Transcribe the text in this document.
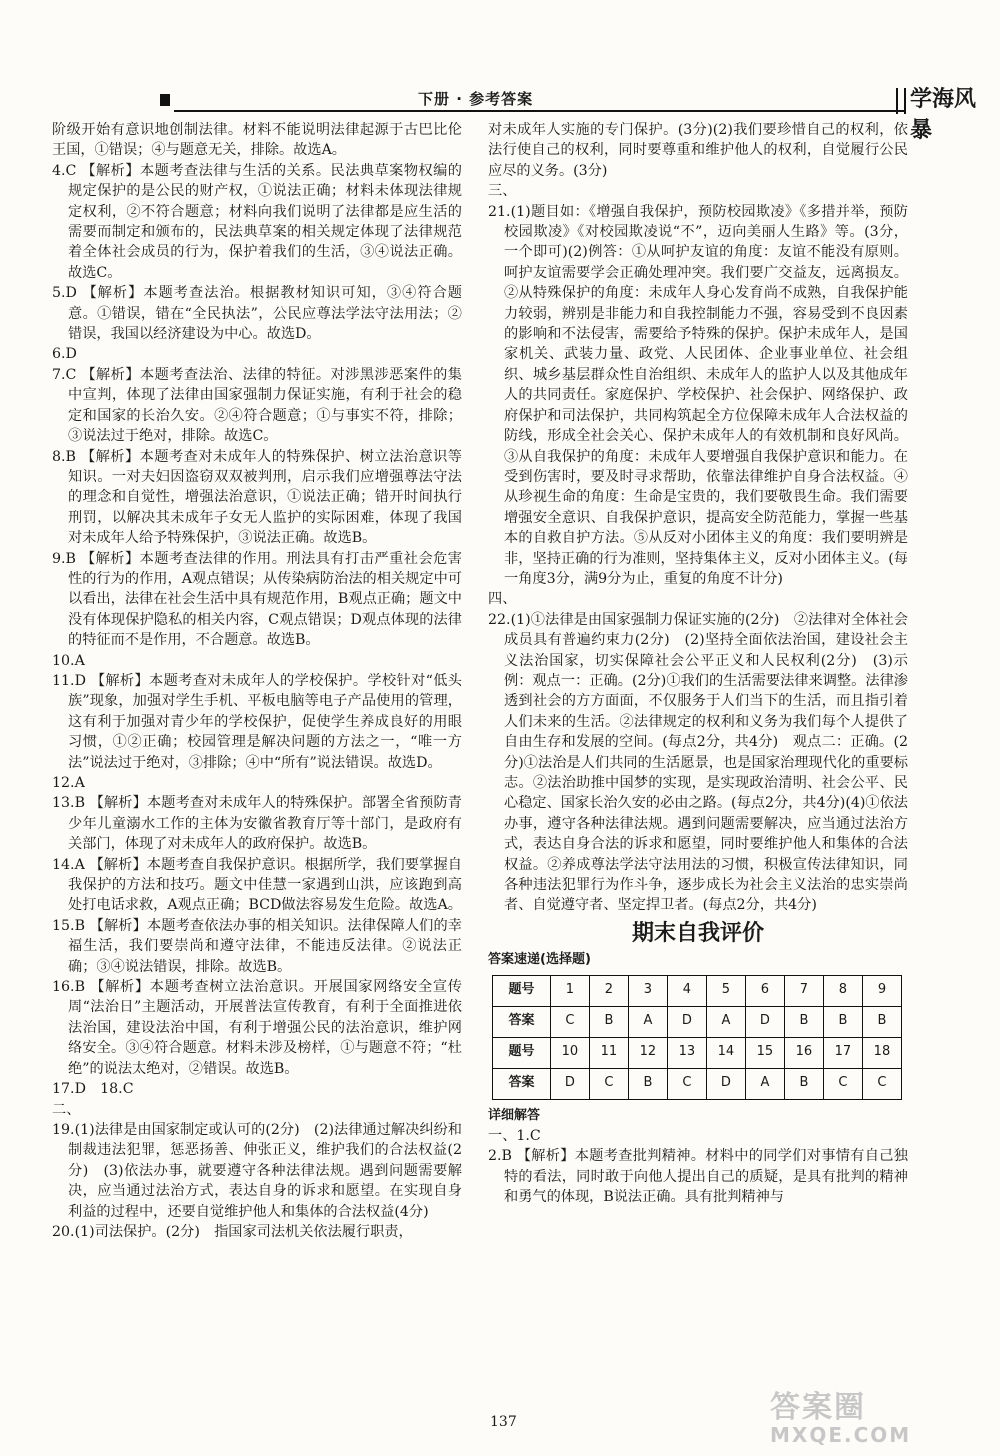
下册 · 参考答案	学海风暴

阶级开始有意识地创制法律。材料不能说明法律起源于古巴比伦王国，①错误；④与题意无关，排除。故选A。

4.C 【解析】本题考查法律与生活的关系。民法典草案物权编的规定保护的是公民的财产权，①说法正确；材料未体现法律规定权利，②不符合题意；材料向我们说明了法律都是应生活的需要而制定和颁布的，民法典草案的相关规定体现了法律规范着全体社会成员的行为，保护着我们的生活，③④说法正确。故选C。

5.D 【解析】本题考查法治。根据教材知识可知，③④符合题意。①错误，错在“全民执法”，公民应尊法学法守法用法；②错误，我国以经济建设为中心。故选D。

6.D

7.C 【解析】本题考查法治、法律的特征。对涉黑涉恶案件的集中宣判，体现了法律由国家强制力保证实施，有利于社会的稳定和国家的长治久安。②④符合题意；①与事实不符，排除；③说法过于绝对，排除。故选C。

8.B 【解析】本题考查对未成年人的特殊保护、树立法治意识等知识。一对夫妇因盗窃双双被判刑，启示我们应增强尊法守法的理念和自觉性，增强法治意识，①说法正确；错开时间执行刑罚，以解决其未成年子女无人监护的实际困难，体现了我国对未成年人给予特殊保护，③说法正确。故选B。

9.B 【解析】本题考查法律的作用。刑法具有打击严重社会危害性的行为的作用，A观点错误；从传染病防治法的相关规定中可以看出，法律在社会生活中具有规范作用，B观点正确；题文中没有体现保护隐私的相关内容，C观点错误；D观点体现的法律的特征而不是作用，不合题意。故选B。

10.A

11.D 【解析】本题考查对未成年人的学校保护。学校针对“低头族”现象，加强对学生手机、平板电脑等电子产品使用的管理，这有利于加强对青少年的学校保护，促使学生养成良好的用眼习惯，①②正确；校园管理是解决问题的方法之一，“唯一方法”说法过于绝对，③排除；④中“所有”说法错误。故选D。

12.A

13.B 【解析】本题考查对未成年人的特殊保护。部署全省预防青少年儿童溺水工作的主体为安徽省教育厅等十部门，是政府有关部门，体现了对未成年人的政府保护。故选B。

14.A 【解析】本题考查自我保护意识。根据所学，我们要掌握自我保护的方法和技巧。题文中佳慧一家遇到山洪，应该跑到高处打电话求救，A观点正确；BCD做法容易发生危险。故选A。

15.B 【解析】本题考查依法办事的相关知识。法律保障人们的幸福生活，我们要崇尚和遵守法律，不能违反法律。②说法正确；③④说法错误，排除。故选B。

16.B 【解析】本题考查树立法治意识。开展国家网络安全宣传周“法治日”主题活动，开展普法宣传教育，有利于全面推进依法治国，建设法治中国，有利于增强公民的法治意识，维护网络安全。③④符合题意。材料未涉及榜样，①与题意不符；“杜绝”的说法太绝对，②错误。故选B。

17.D　18.C

二、

19.(1)法律是由国家制定或认可的(2分)　(2)法律通过解决纠纷和制裁违法犯罪，惩恶扬善、伸张正义，维护我们的合法权益(2分)　(3)依法办事，就要遵守各种法律法规。遇到问题需要解决，应当通过法治方式，表达自身的诉求和愿望。在实现自身利益的过程中，还要自觉维护他人和集体的合法权益(4分)

20.(1)司法保护。(2分)　指国家司法机关依法履行职责，

对未成年人实施的专门保护。(3分)(2)我们要珍惜自己的权利，依法行使自己的权利，同时要尊重和维护他人的权利，自觉履行公民应尽的义务。(3分)

三、

21.(1)题目如：《增强自我保护，预防校园欺凌》《多措并举，预防校园欺凌》《对校园欺凌说“不”，迈向美丽人生路》等。(3分，一个即可)(2)例答：①从呵护友谊的角度：友谊不能没有原则。呵护友谊需要学会正确处理冲突。我们要广交益友，远离损友。②从特殊保护的角度：未成年人身心发育尚不成熟，自我保护能力较弱，辨别是非能力和自我控制能力不强，容易受到不良因素的影响和不法侵害，需要给予特殊的保护。保护未成年人，是国家机关、武装力量、政党、人民团体、企业事业单位、社会组织、城乡基层群众性自治组织、未成年人的监护人以及其他成年人的共同责任。家庭保护、学校保护、社会保护、网络保护、政府保护和司法保护，共同构筑起全方位保障未成年人合法权益的防线，形成全社会关心、保护未成年人的有效机制和良好风尚。③从自我保护的角度：未成年人要增强自我保护意识和能力。在受到伤害时，要及时寻求帮助，依靠法律维护自身合法权益。④从珍视生命的角度：生命是宝贵的，我们要敬畏生命。我们需要增强安全意识、自我保护意识，提高安全防范能力，掌握一些基本的自救自护方法。⑤从反对小团体主义的角度：我们要明辨是非，坚持正确的行为准则，坚持集体主义，反对小团体主义。(每一角度3分，满9分为止，重复的角度不计分)

四、

22.(1)①法律是由国家强制力保证实施的(2分)　②法律对全体社会成员具有普遍约束力(2分)　(2)坚持全面依法治国，建设社会主义法治国家，切实保障社会公平正义和人民权利(2分)　(3)示例：观点一：正确。(2分)①我们的生活需要法律来调整。法律渗透到社会的方方面面，不仅服务于人们当下的生活，而且指引着人们未来的生活。②法律规定的权利和义务为我们每个人提供了自由生存和发展的空间。(每点2分，共4分)　观点二：正确。(2分)①法治是人们共同的生活愿景，也是国家治理现代化的重要标志。②法治助推中国梦的实现，是实现政治清明、社会公平、民心稳定、国家长治久安的必由之路。(每点2分，共4分)(4)①依法办事，遵守各种法律法规。遇到问题需要解决，应当通过法治方式，表达自身合法的诉求和愿望，同时要维护他人和集体的合法权益。②养成尊法学法守法用法的习惯，积极宣传法律知识，同各种违法犯罪行为作斗争，逐步成长为社会主义法治的忠实崇尚者、自觉遵守者、坚定捍卫者。(每点2分，共4分)

期末自我评价
答案速递(选择题)
题号	1	2	3	4	5	6	7	8	9
答案	C	B	A	D	A	D	B	B	B
题号	10	11	12	13	14	15	16	17	18
答案	D	C	B	C	D	A	B	C	C
详细解答

一、1.C

2.B 【解析】本题考查批判精神。材料中的同学们对事情有自己独特的看法，同时敢于向他人提出自己的质疑，是具有批判的精神和勇气的体现，B说法正确。具有批判精神与

137	答案圈
MXQE.COM
